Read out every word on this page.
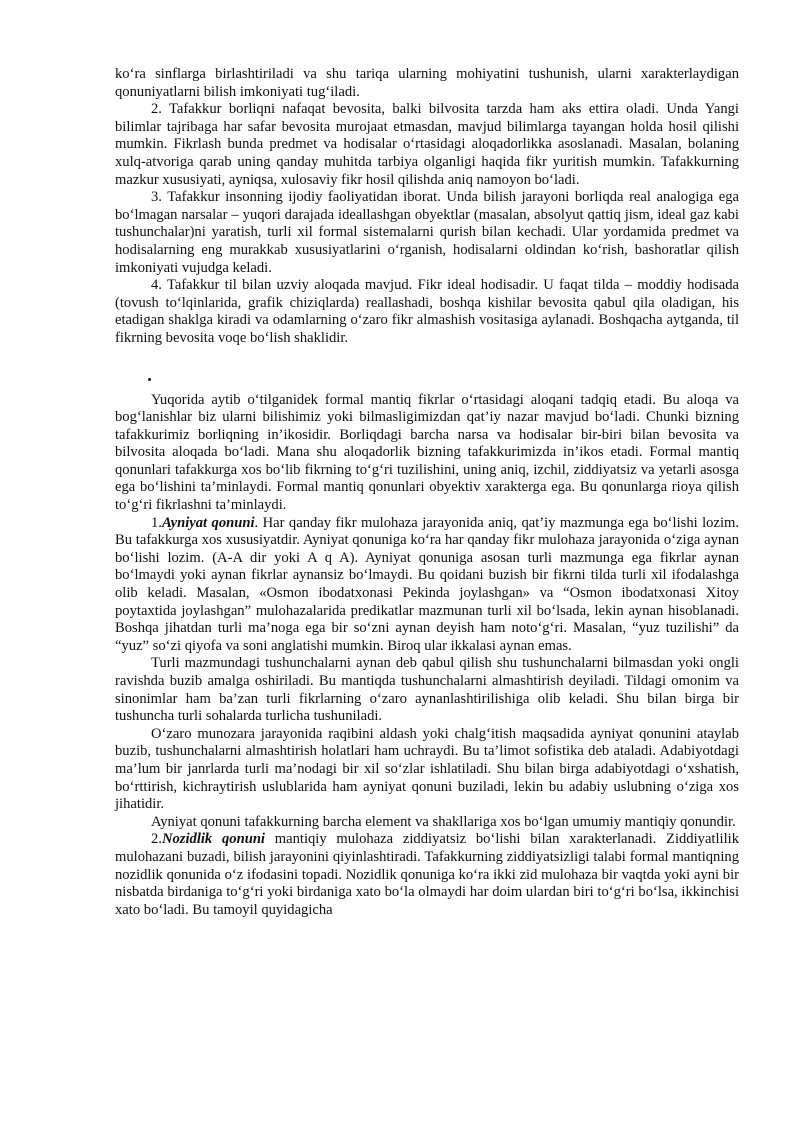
ko‘ra sinflarga birlashtiriladi va shu tariqa ularning mohiyatini tushunish, ularni xarakterlaydigan qonuniyatlarni bilish imkoniyati tug‘iladi.

2. Tafakkur borliqni nafaqat bevosita, balki bilvosita tarzda ham aks ettira oladi. Unda Yangi bilimlar tajribaga har safar bevosita murojaat etmasdan, mavjud bilimlarga tayangan holda hosil qilishi mumkin. Fikrlash bunda predmet va hodisalar o‘rtasidagi aloqadorlikka asoslanadi. Masalan, bolaning xulq-atvoriga qarab uning qanday muhitda tarbiya olganligi haqida fikr yuritish mumkin. Tafakkurning mazkur xususiyati, ayniqsa, xulosaviy fikr hosil qilishda aniq namoyon bo‘ladi.

3. Tafakkur insonning ijodiy faoliyatidan iborat. Unda bilish jarayoni borliqda real analogiga ega bo‘lmagan narsalar – yuqori darajada ideallashgan obyektlar (masalan, absolyut qattiq jism, ideal gaz kabi tushunchalar)ni yaratish, turli xil formal sistemalarni qurish bilan kechadi. Ular yordamida predmet va hodisalarning eng murakkab xususiyatlarini o‘rganish, hodisalarni oldindan ko‘rish, bashoratlar qilish imkoniyati vujudga keladi.

4. Tafakkur til bilan uzviy aloqada mavjud. Fikr ideal hodisadir. U faqat tilda – moddiy hodisada (tovush to‘lqinlarida, grafik chiziqlarda) reallashadi, boshqa kishilar bevosita qabul qila oladigan, his etadigan shaklga kiradi va odamlarning o‘zaro fikr almashish vositasiga aylanadi. Boshqacha aytganda, til fikrning bevosita voqe bo‘lish shaklidir.

Yuqorida aytib o‘tilganidek formal mantiq fikrlar o‘rtasidagi aloqani tadqiq etadi. Bu aloqa va bog‘lanishlar biz ularni bilishimiz yoki bilmasligimizdan qat’iy nazar mavjud bo‘ladi. Chunki bizning tafakkurimiz borliqning in’ikosidir. Borliqdagi barcha narsa va hodisalar bir-biri bilan bevosita va bilvosita aloqada bo‘ladi. Mana shu aloqadorlik bizning tafakkurimizda in’ikos etadi. Formal mantiq qonunlari tafakkurga xos bo‘lib fikrning to‘g‘ri tuzilishini, uning aniq, izchil, ziddiyatsiz va yetarli asosga ega bo‘lishini ta’minlaydi. Formal mantiq qonunlari obyektiv xarakterga ega. Bu qonunlarga rioya qilish to‘g‘ri fikrlashni ta’minlaydi.

1.Ayniyat qonuni. Har qanday fikr mulohaza jarayonida aniq, qat’iy mazmunga ega bo‘lishi lozim. Bu tafakkurga xos xususiyatdir. Ayniyat qonuniga ko‘ra har qanday fikr mulohaza jarayonida o‘ziga aynan bo‘lishi lozim. (A-A dir yoki A q A). Ayniyat qonuniga asosan turli mazmunga ega fikrlar aynan bo‘lmaydi yoki aynan fikrlar aynansiz bo‘lmaydi. Bu qoidani buzish bir fikrni tilda turli xil ifodalashga olib keladi. Masalan, «Osmon ibodatxonasi Pekinda joylashgan» va “Osmon ibodatxonasi Xitoy poytaxtida joylashgan” mulohazalarida predikatlar mazmunan turli xil bo‘lsada, lekin aynan hisoblanadi. Boshqa jihatdan turli ma’noga ega bir so‘zni aynan deyish ham noto‘g‘ri. Masalan, “yuz tuzilishi” da “yuz” so‘zi qiyofa va soni anglatishi mumkin. Biroq ular ikkalasi aynan emas.

Turli mazmundagi tushunchalarni aynan deb qabul qilish shu tushunchalarni bilmasdan yoki ongli ravishda buzib amalga oshiriladi. Bu mantiqda tushunchalarni almashtirish deyiladi. Tildagi omonim va sinonimlar ham ba’zan turli fikrlarning o‘zaro aynanlashtirilishiga olib keladi. Shu bilan birga bir tushuncha turli sohalarda turlicha tushuniladi.

O‘zaro munozara jarayonida raqibini aldash yoki chalg‘itish maqsadida ayniyat qonunini ataylab buzib, tushunchalarni almashtirish holatlari ham uchraydi. Bu ta’limot sofistika deb ataladi. Adabiyotdagi ma’lum bir janrlarda turli ma’nodagi bir xil so‘zlar ishlatiladi. Shu bilan birga adabiyotdagi o‘xshatish, bo‘rttirish, kichraytirish uslublarida ham ayniyat qonuni buziladi, lekin bu adabiy uslubning o‘ziga xos jihatidir.

Ayniyat qonuni tafakkurning barcha element va shakllariga xos bo‘lgan umumiy mantiqiy qonundir.

2.Nozidlik qonuni mantiqiy mulohaza ziddiyatsiz bo‘lishi bilan xarakterlanadi. Ziddiyatlilik mulohazani buzadi, bilish jarayonini qiyinlashtiradi. Tafakkurning ziddiyatsizligi talabi formal mantiqning nozidlik qonunida o‘z ifodasini topadi. Nozidlik qonuniga ko‘ra ikki zid mulohaza bir vaqtda yoki ayni bir nisbatda birdaniga to‘g‘ri yoki birdaniga xato bo‘la olmaydi har doim ulardan biri to‘g‘ri bo‘lsa, ikkinchisi xato bo‘ladi. Bu tamoyil quyidagicha
